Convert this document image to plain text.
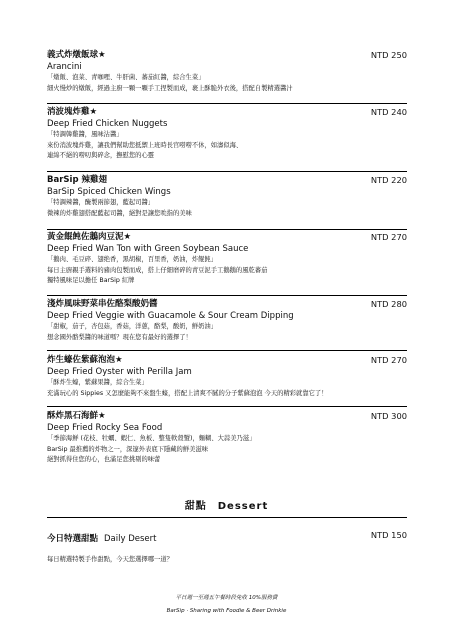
義式炸燉飯球★
Arancini
「燉飯、泡菜、青咖哩、牛肝菌、蕃茄紅醬，綜合生菜」
細火慢炒的燉飯，經過主廚一顆一顆手工捏製而成，裹上酥脆外衣後，搭配自製精選醬汁
NTD 250
消波塊炸雞★
Deep Fried Chicken Nuggets
「特調韓雞醬，風味沾醬」
來份消波塊炸雞，讓我們幫助您抵禦上班時長官嘮嘮不休，如濤似海、
連綿不絕的嘮叨與碎念，撫慰您的心靈
NTD 240
BarSip 辣雞翅
BarSip Spiced Chicken Wings
「特調辣醬，醃製兩節翅，藍起司醬」
微辣的炸雞翅搭配藍起司醬，絕對是讓您吮指的美味
NTD 220
黃金餛飩佐鵝肉豆泥★
Deep Fried Wan Ton with Green Soybean Sauce
「鵝肉、毛豆碎、翅绝香，黑胡椒，百里香，奶油，炸餛飩」
每日主廚親手選料的豬肉包製而成，搭上仔細磨碎的青豆泥手工鵝鵝的風乾蕃茄
獨特風味足以擔任 BarSip 紅牌
NTD 270
淺炸風味野菜串佐酪梨酸奶醬
Deep Fried Veggie with Guacamole & Sour Cream Dipping
「甜椒，茄子，杏包菇，香菇，洋蔥，酪梨，酸奶，鮮奶油」
想念國外酪梨醬的味道嗎？現在您有最好的選擇了！
NTD 280
炸生蠔佐紫蘇泡泡★
Deep Fried Oyster with Perilla Jam
「酥炸生蠔，紫蘇果醬，綜合生菜」
充滿玩心的 Sippies 又怎麼能夠不來盤生蠔，搭配上清爽不膩的分子紫蘇泡泡 今天的精彩就靠它了！
NTD 270
酥炸黑石海鮮★
Deep Fried Rocky Sea Food
「季節海鮮 (花枝、牡蠣、蝦仁、魚板、整隻軟殼蟹)，麵糊、大蒜美乃滋」
BarSip 最推薦的炸物之一，深邃外表底下隱藏的鮮美滋味
絕對抓得住您的心，也滿足您挑剔的味蕾
NTD 300
甜點　Dessert
今日特選甜點 Daily Desert	NTD 150
每日精選特製手作甜點，今天您選擇哪一道？
平日週一至週五午餐時段免收 10%服務費
BarSip · Sharing with Foodie & Beer Drinkie
